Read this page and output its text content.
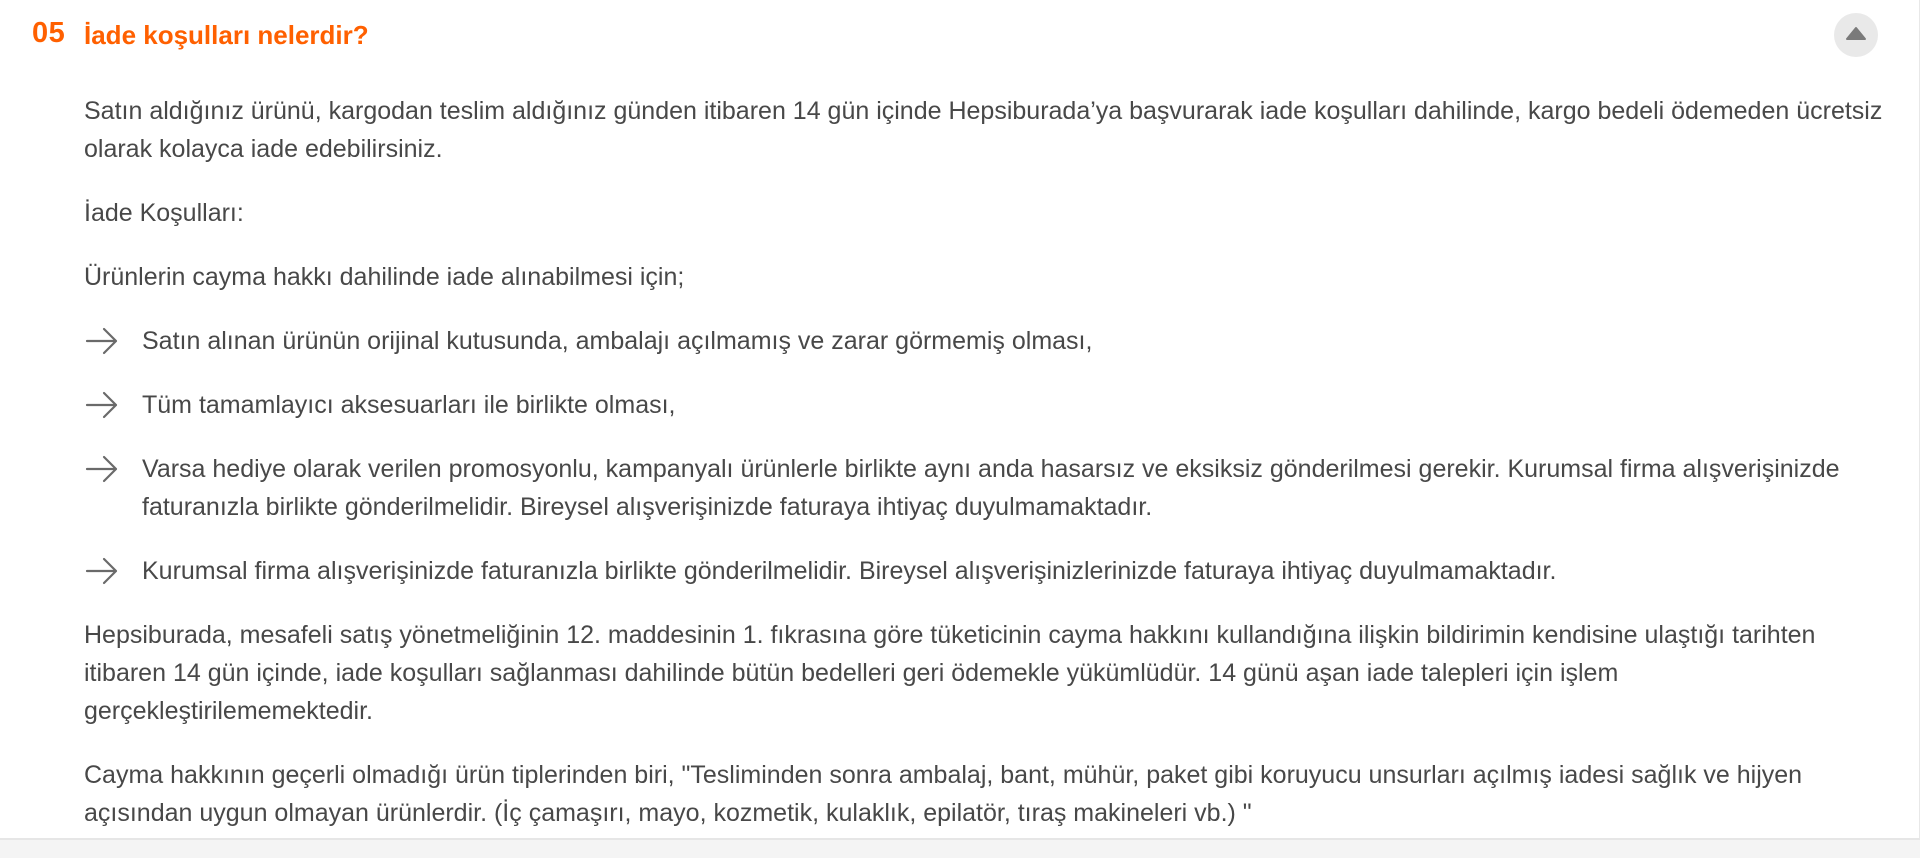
05 İade koşulları nelerdir?

Satın aldığınız ürünü, kargodan teslim aldığınız günden itibaren 14 gün içinde Hepsiburada’ya başvurarak iade koşulları dahilinde, kargo bedeli ödemeden ücretsiz olarak kolayca iade edebilirsiniz.

İade Koşulları:

Ürünlerin cayma hakkı dahilinde iade alınabilmesi için;

Satın alınan ürünün orijinal kutusunda, ambalajı açılmamış ve zarar görmemiş olması,
Tüm tamamlayıcı aksesuarları ile birlikte olması,
Varsa hediye olarak verilen promosyonlu, kampanyalı ürünlerle birlikte aynı anda hasarsız ve eksiksiz gönderilmesi gerekir. Kurumsal firma alışverişinizde faturanızla birlikte gönderilmelidir. Bireysel alışverişinizde faturaya ihtiyaç duyulmamaktadır.
Kurumsal firma alışverişinizde faturanızla birlikte gönderilmelidir. Bireysel alışverişinizlerinizde faturaya ihtiyaç duyulmamaktadır.

Hepsiburada, mesafeli satış yönetmeliğinin 12. maddesinin 1. fıkrasına göre tüketicinin cayma hakkını kullandığına ilişkin bildirimin kendisine ulaştığı tarihten itibaren 14 gün içinde, iade koşulları sağlanması dahilinde bütün bedelleri geri ödemekle yükümlüdür. 14 günü aşan iade talepleri için işlem gerçekleştirilememektedir.

Cayma hakkının geçerli olmadığı ürün tiplerinden biri, "Tesliminden sonra ambalaj, bant, mühür, paket gibi koruyucu unsurları açılmış iadesi sağlık ve hijyen açısından uygun olmayan ürünlerdir. (İç çamaşırı, mayo, kozmetik, kulaklık, epilatör, tıraş makineleri vb.) "
